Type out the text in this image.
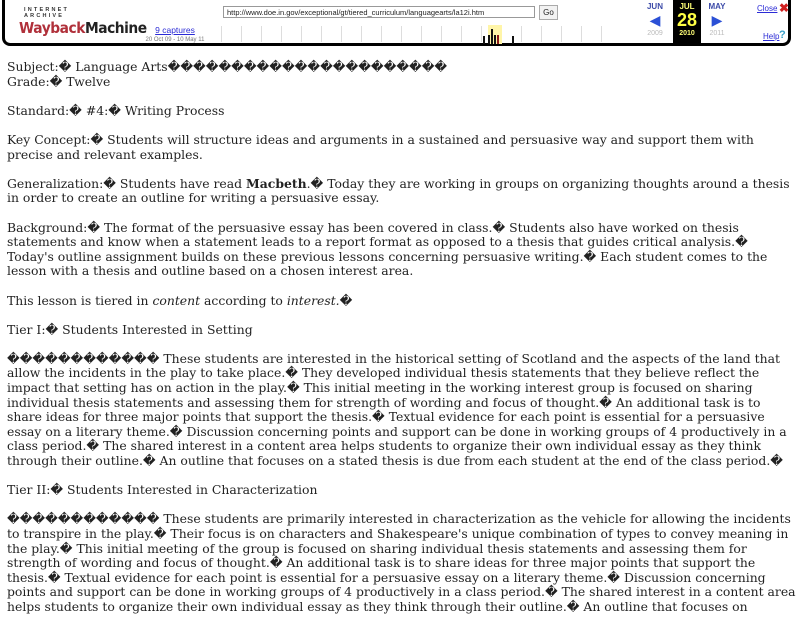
INTERNET ARCHIVE
WaybackMachine 9 captures
20 Oct 09 - 10 May 11
http://www.doe.in.gov/exceptional/gt/tiered_curriculum/languagearts/la12i.htm	Go
JUN
◀
2009
JUL
28
2010
MAY
▶
2011
Close ✖
Help ?

Subject:� Language Arts����������������������
Grade:� Twelve

Standard:� #4:� Writing Process

Key Concept:� Students will structure ideas and arguments in a sustained and persuasive way and support them with precise and relevant examples.

Generalization:� Students have read Macbeth.� Today they are working in groups on organizing thoughts around a thesis in order to create an outline for writing a persuasive essay.

Background:� The format of the persuasive essay has been covered in class.� Students also have worked on thesis statements and know when a statement leads to a report format as opposed to a thesis that guides critical analysis.� Today's outline assignment builds on these previous lessons concerning persuasive writing.� Each student comes to the lesson with a thesis and outline based on a chosen interest area.

This lesson is tiered in content according to interest.�

Tier I:� Students Interested in Setting

������������ These students are interested in the historical setting of Scotland and the aspects of the land that allow the incidents in the play to take place.� They developed individual thesis statements that they believe reflect the impact that setting has on action in the play.� This initial meeting in the working interest group is focused on sharing individual thesis statements and assessing them for strength of wording and focus of thought.� An additional task is to share ideas for three major points that support the thesis.� Textual evidence for each point is essential for a persuasive essay on a literary theme.� Discussion concerning points and support can be done in working groups of 4 productively in a class period.� The shared interest in a content area helps students to organize their own individual essay as they think through their outline.� An outline that focuses on a stated thesis is due from each student at the end of the class period.�

Tier II:� Students Interested in Characterization

������������ These students are primarily interested in characterization as the vehicle for allowing the incidents to transpire in the play.� Their focus is on characters and Shakespeare's unique combination of types to convey meaning in the play.� This initial meeting of the group is focused on sharing individual thesis statements and assessing them for strength of wording and focus of thought.� An additional task is to share ideas for three major points that support the thesis.� Textual evidence for each point is essential for a persuasive essay on a literary theme.� Discussion concerning points and support can be done in working groups of 4 productively in a class period.� The shared interest in a content area helps students to organize their own individual essay as they think through their outline.� An outline that focuses on
